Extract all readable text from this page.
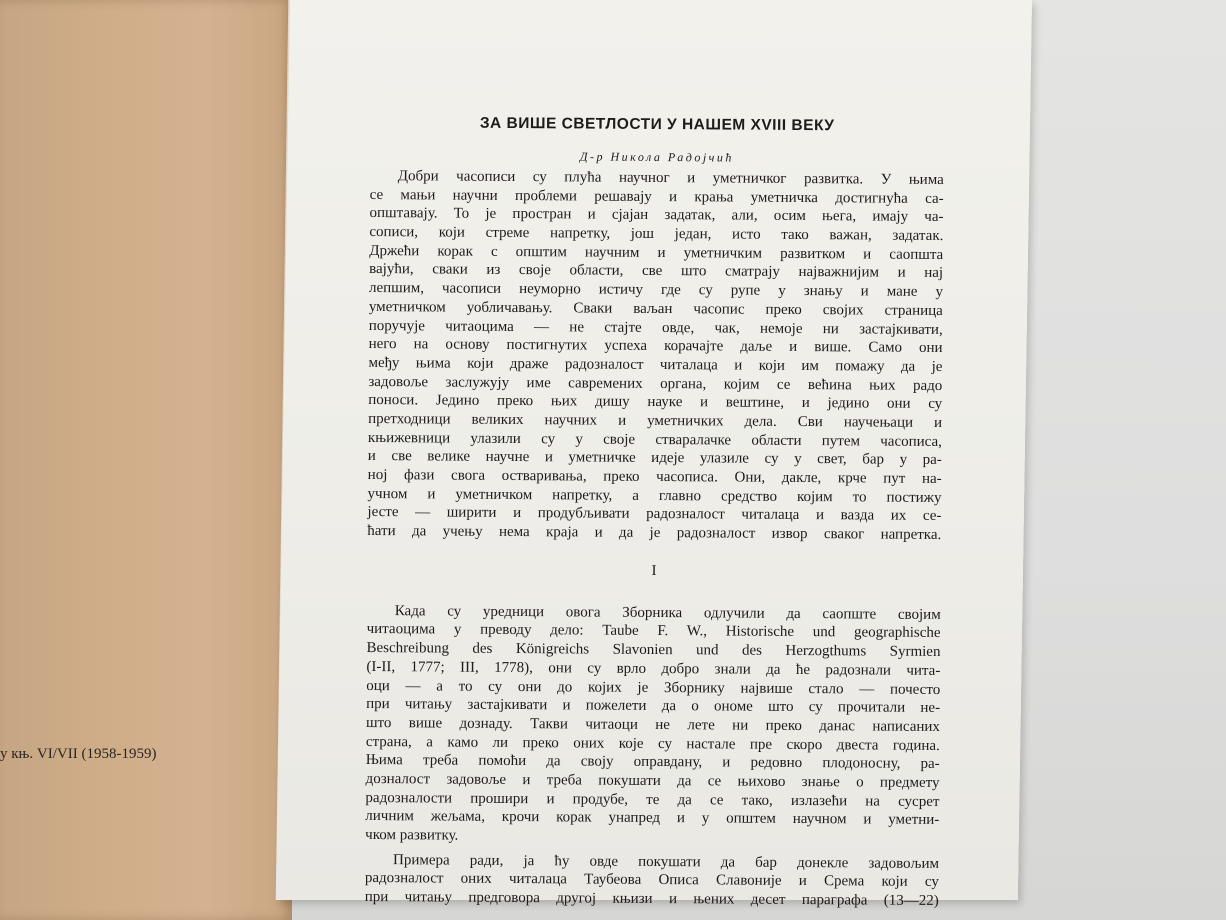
у књ. VI/VII (1958-1959)
ЗА ВИШЕ СВЕТЛОСТИ У НАШЕМ XVIII ВЕКУ
Д-р Никола Радојчић
Добри часописи су плућа научног и уметничког развитка. У њима
се мањи научни проблеми решавају и крања уметничка достигнућа са-
општавају. То је простран и сјајан задатак, али, осим њега, имају ча-
сописи, који стреме напретку, још један, исто тако важан, задатак.
Држећи корак с општим научним и уметничким развитком и саопшта
вајући, сваки из своје области, све што сматрају најважнијим и нај
лепшим, часописи неуморно истичу где су рупе у знању и мане у
уметничком уобличавању. Сваки ваљан часопис преко својих страница
поручује читаоцима — не стајте овде, чак, немоје ни застајкивати,
него на основу постигнутих успеха корачајте даље и више. Само они
међу њима који драже радозналост читалаца и који им помажу да је
задовоље заслужују име савремених органа, којим се већина њих радо
поноси. Једино преко њих дишу науке и вештине, и једино они су
претходници великих научних и уметничких дела. Сви научењаци и
књижевници улазили су у своје стваралачке области путем часописа,
и све велике научне и уметничке идеје улазиле су у свет, бар у ра-
ној фази свога остваривања, преко часописа. Они, дакле, крче пут на-
учном и уметничком напретку, а главно средство којим то постижу
јесте — ширити и продубљивати радозналост читалаца и вазда их се-
ћати да учењу нема краја и да је радозналост извор сваког напретка.
I
Када су уредници овога Зборника одлучили да саопште својим
читаоцима у преводу дело: Taube F. W., Historische und geographische
Beschreibung des Königreichs Slavonien und des Herzogthums Syrmien
(I-II, 1777; III, 1778), они су врло добро знали да ће радознали чита-
оци — а то су они до којих је Зборнику највише стало — почесто
при читању застајкивати и пожелети да о ономе што су прочитали не-
што више дознаду. Такви читаоци не лете ни преко данас написаних
страна, а камо ли преко оних које су настале пре скоро двеста година.
Њима треба помоћи да своју оправдану, и редовно плодоносну, ра-
дозналост задовоље и треба покушати да се њихово знање о предмету
радозналости прошири и продубе, те да се тако, излазећи на сусрет
личним жељама, крочи корак унапред и у општем научном и уметни-
чком развитку.
Примера ради, ја ћу овде покушати да бар донекле задовољим
радозналост оних читалаца Таубеова Описа Славоније и Срема који су
при читању предговора другој књизи и њених десет параграфа (13—22)
